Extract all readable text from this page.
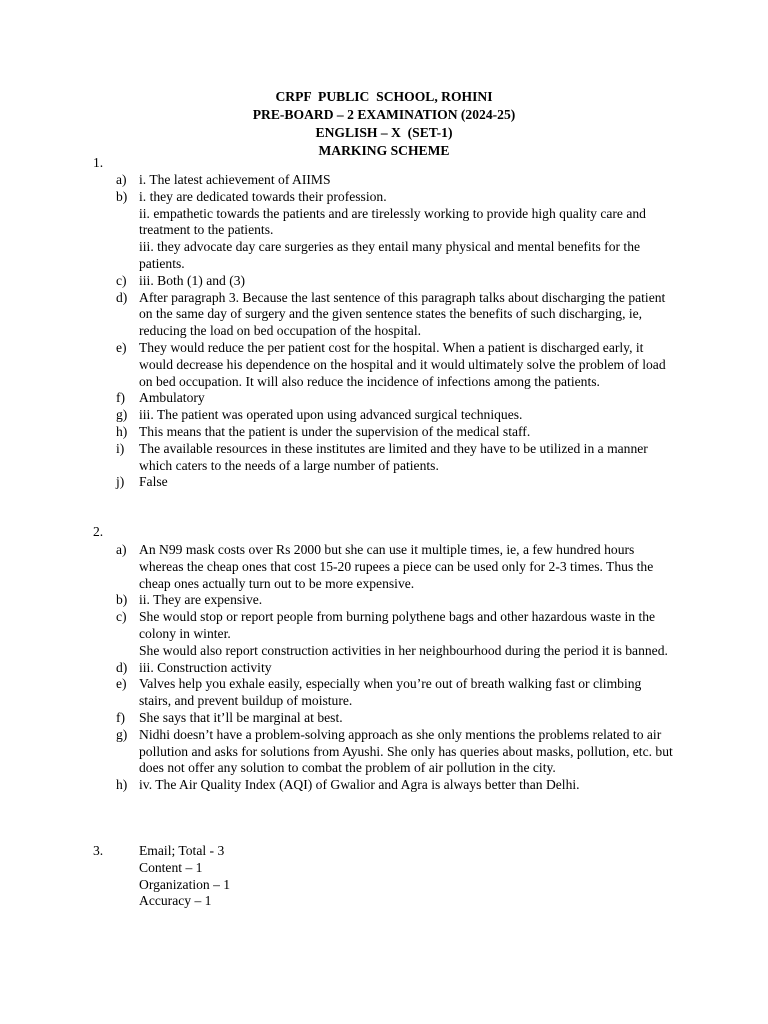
CRPF  PUBLIC  SCHOOL, ROHINI
PRE-BOARD – 2 EXAMINATION (2024-25)
ENGLISH – X  (SET-1)
MARKING SCHEME
1.
a) i. The latest achievement of AIIMS
b) i. they are dedicated towards their profession.
ii. empathetic towards the patients and are tirelessly working to provide high quality care and treatment to the patients.
iii. they advocate day care surgeries as they entail many physical and mental benefits for the patients.
c) iii. Both (1) and (3)
d) After paragraph 3. Because the last sentence of this paragraph talks about discharging the patient on the same day of surgery and the given sentence states the benefits of such discharging, ie, reducing the load on bed occupation of the hospital.
e) They would reduce the per patient cost for the hospital. When a patient is discharged early, it would decrease his dependence on the hospital and it would ultimately solve the problem of load on bed occupation. It will also reduce the incidence of infections among the patients.
f)	Ambulatory
g) iii. The patient was operated upon using advanced surgical techniques.
h) This means that the patient is under the supervision of the medical staff.
i)	The available resources in these institutes are limited and they have to be utilized in a manner which caters to the needs of a large number of patients.
j)	False
2.
a) An N99 mask costs over Rs 2000 but she can use it multiple times, ie, a few hundred hours whereas the cheap ones that cost 15-20 rupees a piece can be used only for 2-3 times. Thus the cheap ones actually turn out to be more expensive.
b) ii. They are expensive.
c) She would stop or report people from burning polythene bags and other hazardous waste in the colony in winter.
She would also report construction activities in her neighbourhood during the period it is banned.
d) iii. Construction activity
e) Valves help you exhale easily, especially when you’re out of breath walking fast or climbing stairs, and prevent buildup of moisture.
f)	She says that it’ll be marginal at best.
g) Nidhi doesn’t have a problem-solving approach as she only mentions the problems related to air pollution and asks for solutions from Ayushi. She only has queries about masks, pollution, etc. but does not offer any solution to combat the problem of air pollution in the city.
h) iv. The Air Quality Index (AQI) of Gwalior and Agra is always better than Delhi.
3.	Email; Total - 3
Content – 1
Organization – 1
Accuracy – 1
